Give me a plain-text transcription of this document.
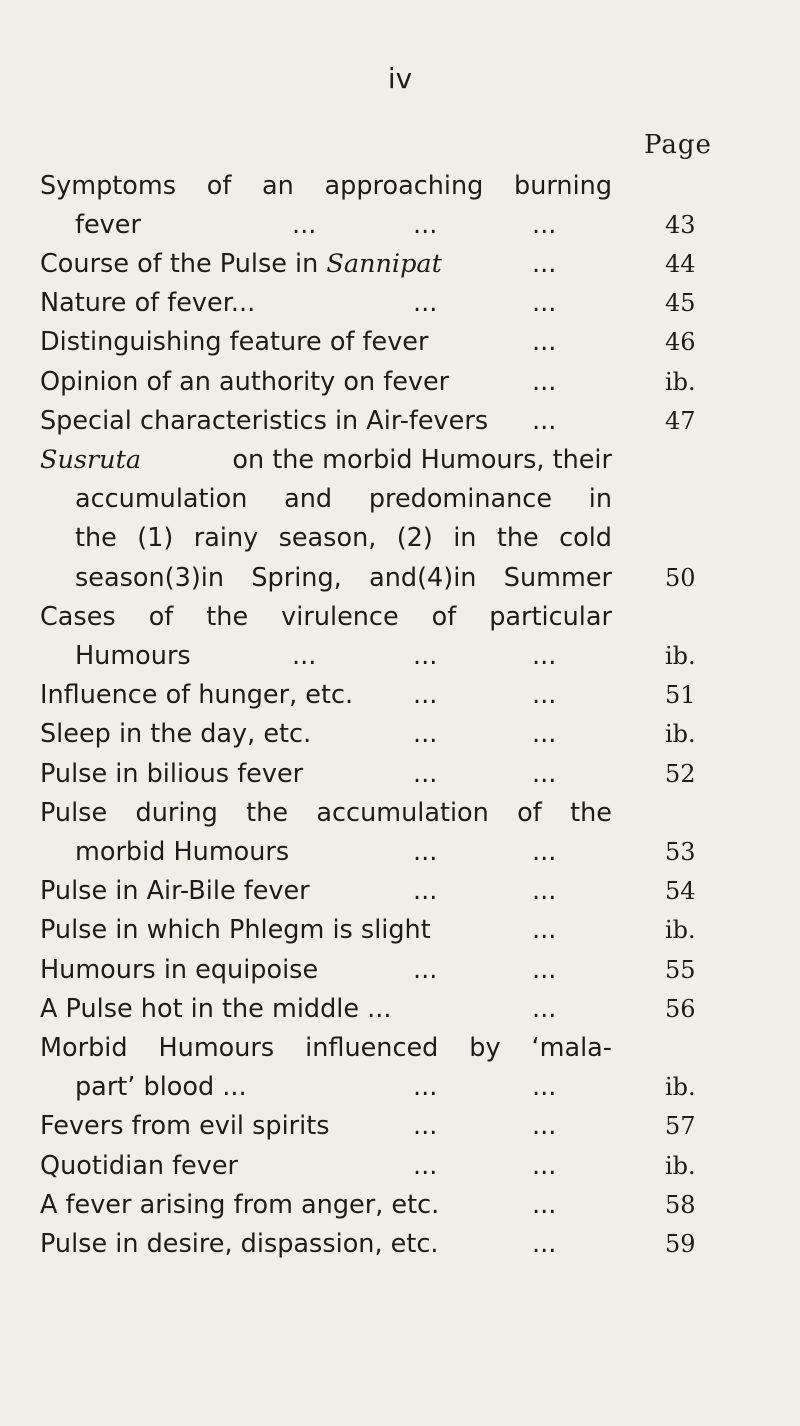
iv
Page
Symptoms of an approaching burning
fever	...	...	...	43
Course of the Pulse in Sannipat	...	44
Nature of fever...	...	...	45
Distinguishing feature of fever	...	46
Opinion of an authority on fever	...	ib.
Special characteristics in Air-fevers ...	47
Susruta	on the morbid Humours, their
accumulation and predominance in
the (1) rainy season, (2) in the cold
season(3)in Spring, and(4)in Summer 50
Cases of the virulence of particular
Humours	...	...	...	ib.
Influence of hunger, etc. ...	...	51
Sleep in the day, etc.	...	...	ib.
Pulse in bilious fever	...	...	52
Pulse during the accumulation of the
morbid Humours	...	...	53
Pulse in Air-Bile fever	...	...	54
Pulse in which Phlegm is slight	...	ib.
Humours in equipoise	...	...	55
A Pulse hot in the middle ...	...	56
Morbid Humours influenced by ‘mala-
part’ blood ...	...	...	ib.
Fevers from evil spirits	...	...	57
Quotidian fever	...	...	ib.
A fever arising from anger, etc.	...	58
Pulse in desire, dispassion, etc.	...	59
